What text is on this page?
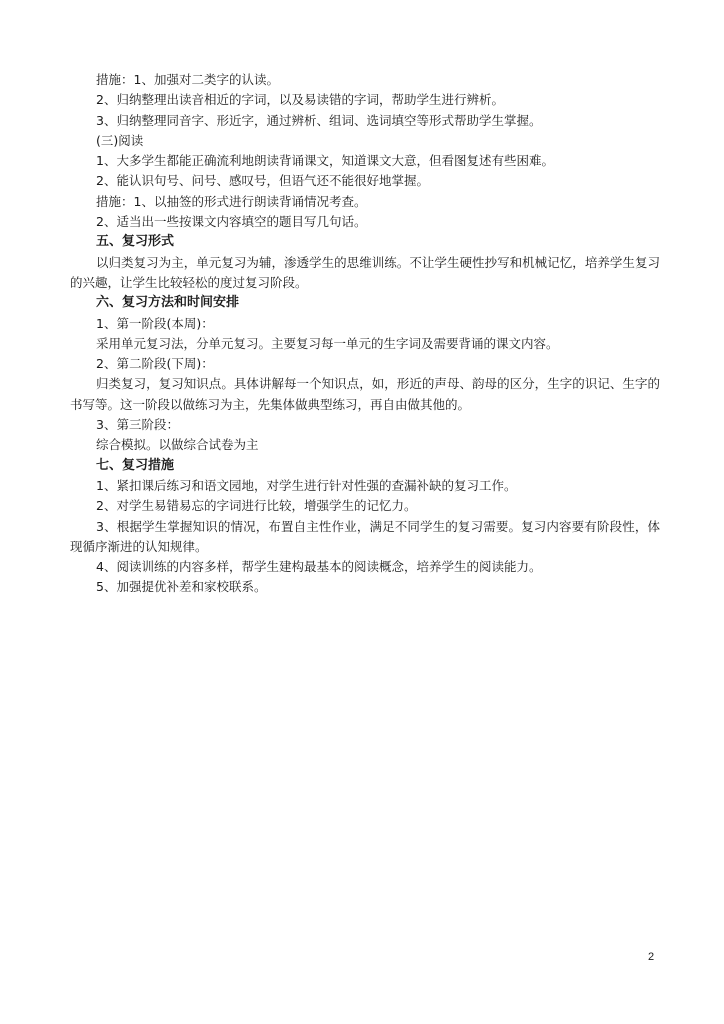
措施：1、加强对二类字的认读。
2、归纳整理出读音相近的字词，以及易读错的字词，帮助学生进行辨析。
3、归纳整理同音字、形近字，通过辨析、组词、选词填空等形式帮助学生掌握。
(三)阅读
1、大多学生都能正确流利地朗读背诵课文，知道课文大意，但看图复述有些困难。
2、能认识句号、问号、感叹号，但语气还不能很好地掌握。
措施：1、以抽签的形式进行朗读背诵情况考查。
2、适当出一些按课文内容填空的题目写几句话。
五、复习形式
以归类复习为主，单元复习为辅，渗透学生的思维训练。不让学生硬性抄写和机械记忆，培养学生复习的兴趣，让学生比较轻松的度过复习阶段。
六、复习方法和时间安排
1、第一阶段(本周)：
采用单元复习法，分单元复习。主要复习每一单元的生字词及需要背诵的课文内容。
2、第二阶段(下周)：
归类复习，复习知识点。具体讲解每一个知识点，如，形近的声母、韵母的区分，生字的识记、生字的书写等。这一阶段以做练习为主，先集体做典型练习，再自由做其他的。
3、第三阶段：
综合模拟。以做综合试卷为主
七、复习措施
1、紧扣课后练习和语文园地，对学生进行针对性强的查漏补缺的复习工作。
2、对学生易错易忘的字词进行比较，增强学生的记忆力。
3、根据学生掌握知识的情况，布置自主性作业，满足不同学生的复习需要。复习内容要有阶段性，体现循序渐进的认知规律。
4、阅读训练的内容多样，帮学生建构最基本的阅读概念，培养学生的阅读能力。
5、加强提优补差和家校联系。
2
